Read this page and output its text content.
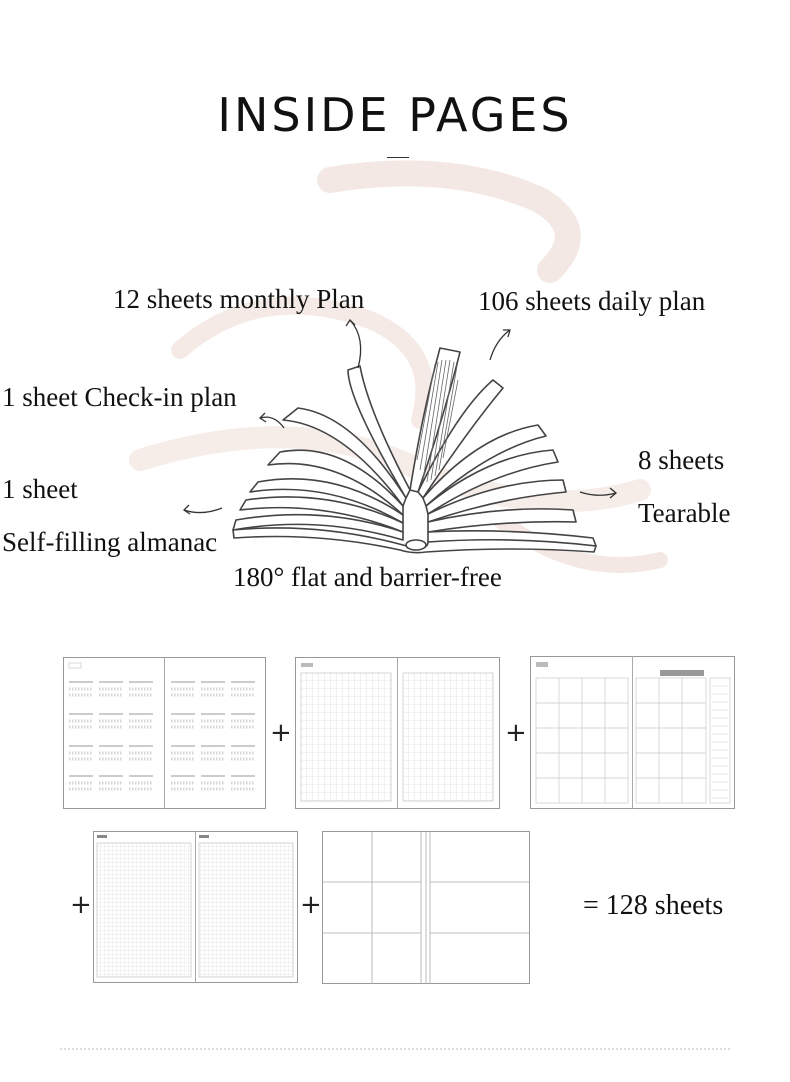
INSIDE PAGES
12 sheets monthly Plan	106 sheets daily plan
1 sheet Check-in plan
1 sheet
Self-filling almanac
8 sheets
Tearable
180° flat and barrier-free
+	+
+	+	= 128 sheets
